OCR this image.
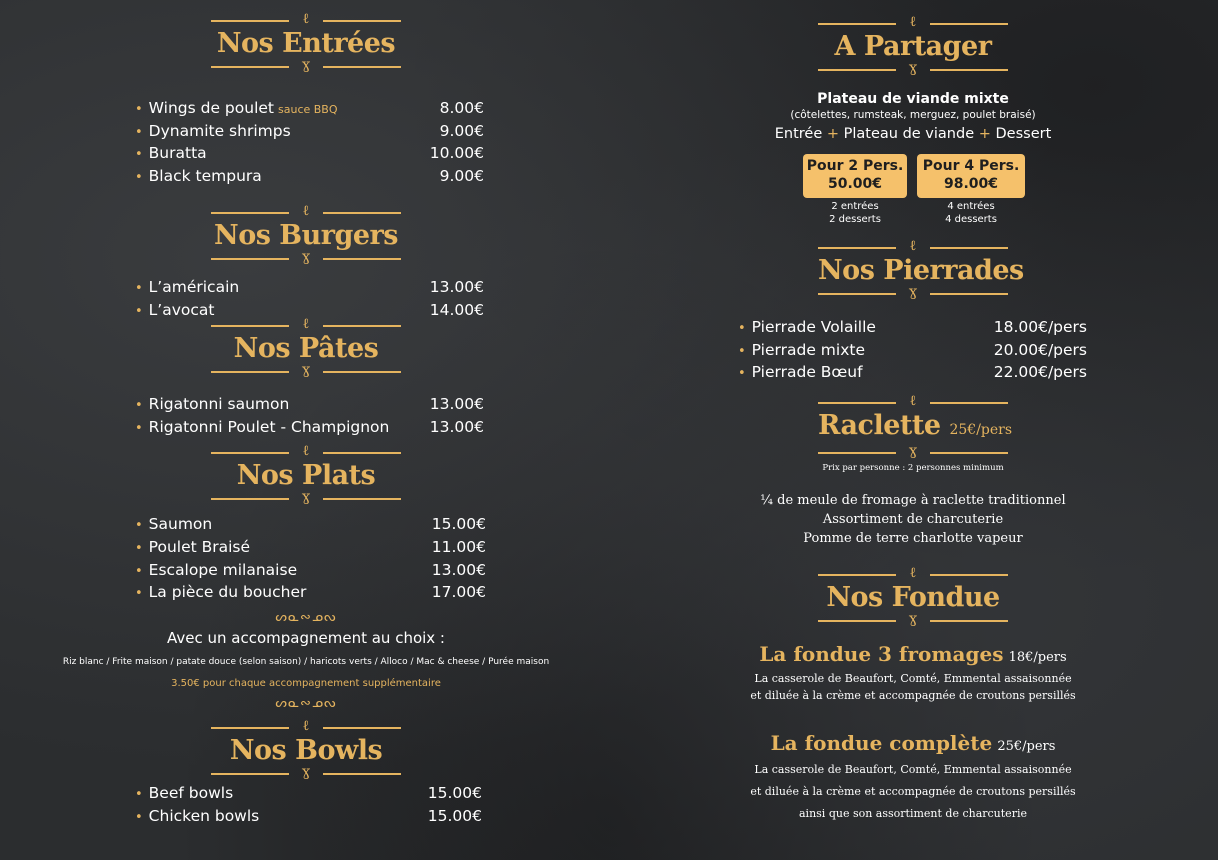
ℓ
Nos Entrées
ɣ
• Wings de poulet sauce BBQ	8.00€
• Dynamite shrimps	9.00€
• Buratta	10.00€
• Black tempura	9.00€
ℓ
Nos Burgers
ɣ
• L’américain	13.00€
• L’avocat	14.00€
ℓ
Nos Pâtes
ɣ
• Rigatonni saumon	13.00€
• Rigatonni Poulet - Champignon	13.00€
ℓ
Nos Plats
ɣ
• Saumon	15.00€
• Poulet Braisé	11.00€
• Escalope milanaise	13.00€
• La pièce du boucher	17.00€
ᔕᓇ∾ᓄᔓ
Avec un accompagnement au choix :
Riz blanc / Frite maison / patate douce (selon saison) / haricots verts / Alloco / Mac & cheese / Purée maison
3.50€ pour chaque accompagnement supplémentaire
ᔕᓇ∾ᓄᔓ
ℓ
Nos Bowls
ɣ
• Beef bowls	15.00€
• Chicken bowls	15.00€
ℓ
A Partager
ɣ
Plateau de viande mixte
(côtelettes, rumsteak, merguez, poulet braisé)
Entrée + Plateau de viande + Dessert
Pour 2 Pers.
50.00€
2 entrées
2 desserts
Pour 4 Pers.
98.00€
4 entrées
4 desserts
ℓ
Nos Pierrades
ɣ
• Pierrade Volaille	18.00€/pers
• Pierrade mixte	20.00€/pers
• Pierrade Bœuf	22.00€/pers
ℓ
Raclette 25€/pers
ɣ
Prix par personne : 2 personnes minimum
¼ de meule de fromage à raclette traditionnel
Assortiment de charcuterie
Pomme de terre charlotte vapeur
ℓ
Nos Fondue
ɣ
La fondue 3 fromages 18€/pers
La casserole de Beaufort, Comté, Emmental assaisonnée
et diluée à la crème et accompagnée de croutons persillés
La fondue complète 25€/pers
La casserole de Beaufort, Comté, Emmental assaisonnée
et diluée à la crème et accompagnée de croutons persillés
ainsi que son assortiment de charcuterie
